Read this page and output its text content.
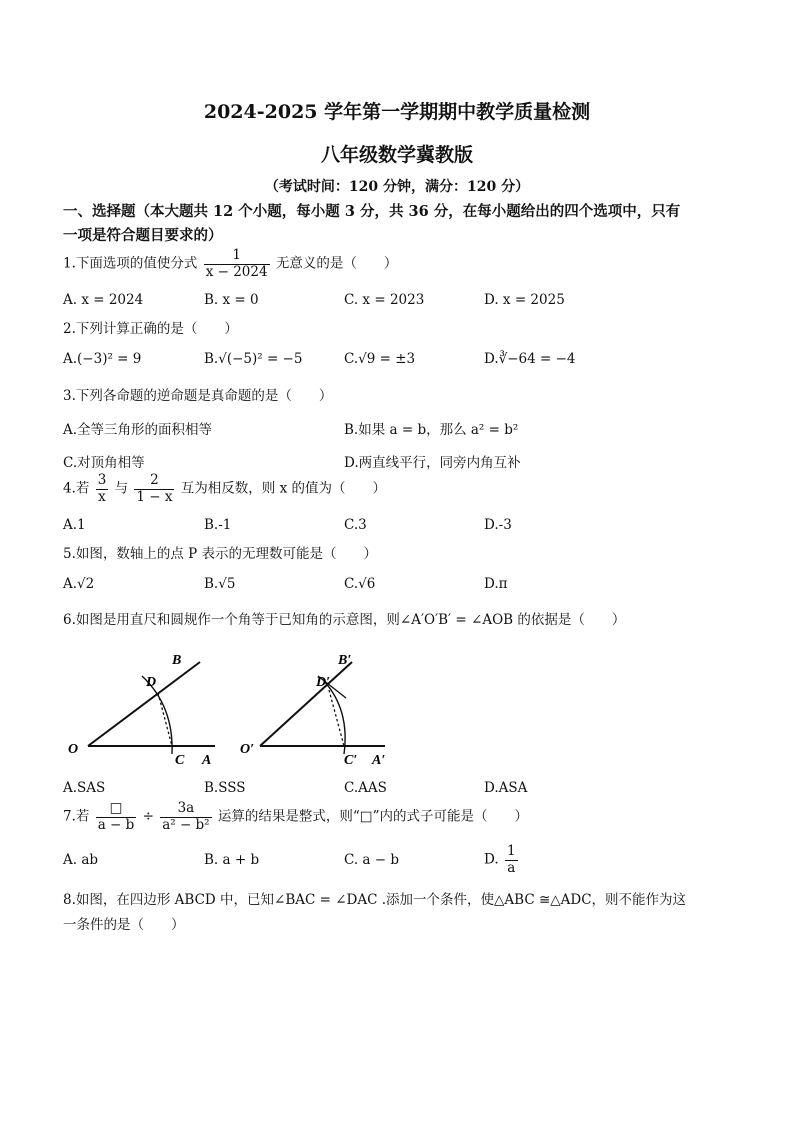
2024-2025 学年第一学期期中教学质量检测
八年级数学冀教版
（考试时间：120 分钟，满分：120 分）
一、选择题（本大题共 12 个小题，每小题 3 分，共 36 分，在每小题给出的四个选项中，只有
一项是符合题目要求的）
1.下面选项的值使分式 $\frac{1}{x - 2024}$ 无意义的是（　　）
A. x = 2024	B. x = 0	C. x = 2023	D. x = 2025
2.下列计算正确的是（　　）
A.(−3)² = 9	B.√(−5)² = −5	C.√9 = ±3	D.∛−64 = −4
3.下列各命题的逆命题是真命题的是（　　）
A.全等三角形的面积相等	B.如果 a = b，那么 a² = b²
C.对顶角相等	D.两直线平行，同旁内角互补
4.若 $\frac{3}{x}$ 与 $\frac{2}{1 - x}$ 互为相反数，则 x 的值为（　　）
A.1	B.-1	C.3	D.-3
5.如图，数轴上的点 P 表示的无理数可能是（　　）
A.√2	B.√5	C.√6	D.π
6.如图是用直尺和圆规作一个角等于已知角的示意图，则∠A′O′B′ = ∠AOB 的依据是（　　）
B
D
O
C A
B′
D′
O′
C′ A′
A.SAS	B.SSS	C.AAS	D.ASA
7.若 $\frac{□}{a - b} \div \frac{3a}{\text{a² − b²}}$ 运算的结果是整式，则“□”内的式子可能是（　　）
A. ab	B. a + b	C. a − b	D. $\frac{1}{a}$
8.如图，在四边形 ABCD 中，已知∠BAC = ∠DAC .添加一个条件，使△ABC ≅△ADC，则不能作为这
一条件的是（　　）
